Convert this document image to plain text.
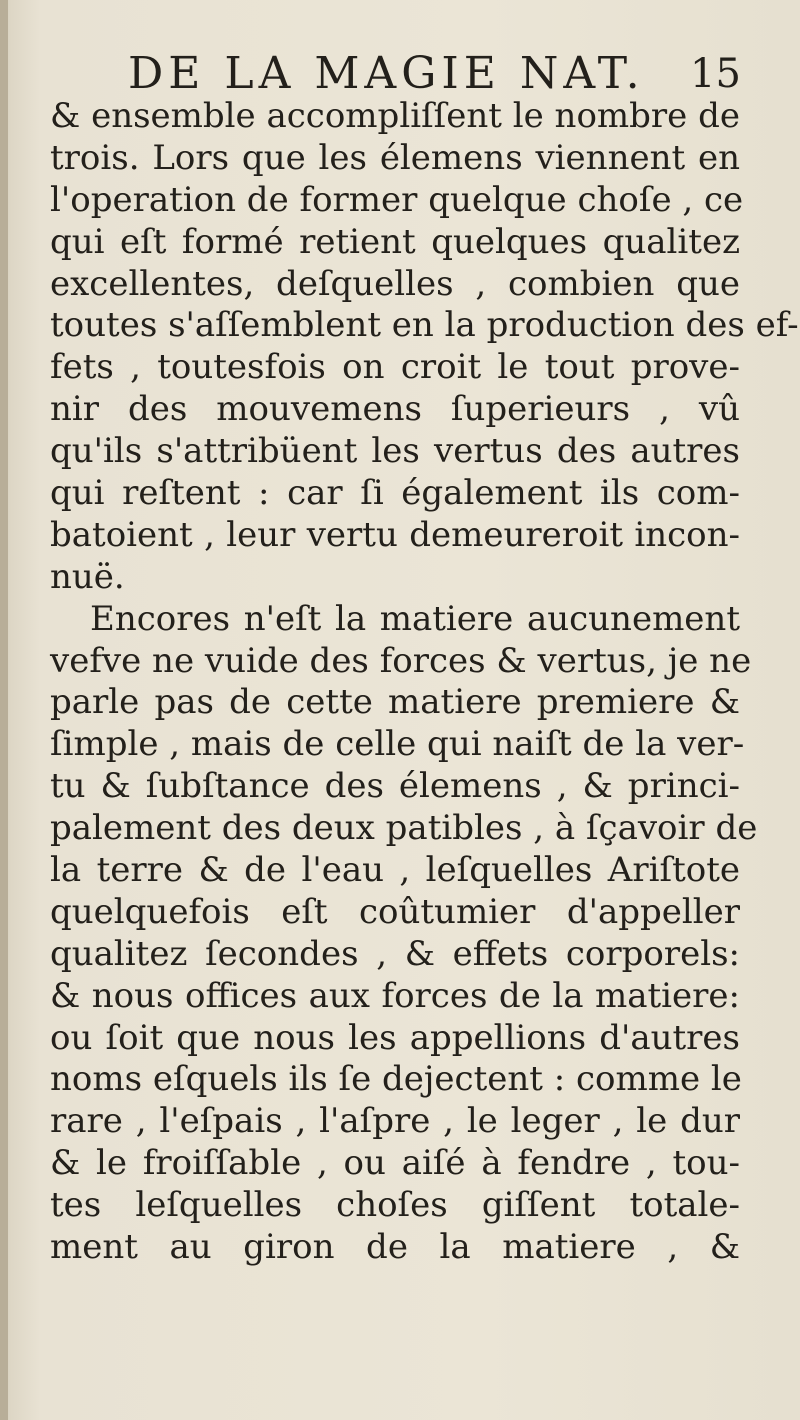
DE LA MAGIE NAT. 15
& ensemble accompliſſent le nombre de
trois. Lors que les élemens viennent en
l'operation de former quelque choſe , ce
qui eſt formé retient quelques qualitez
excellentes, deſquelles , combien que
toutes s'aſſemblent en la production des ef-
fets , toutesfois on croit le tout prove-
nir des mouvemens ſuperieurs , vû
qu'ils s'attribüent les vertus des autres
qui reſtent : car ſi également ils com-
batoient , leur vertu demeureroit incon-
nuë.
Encores n'eſt la matiere aucunement
vefve ne vuide des forces & vertus, je ne
parle pas de cette matiere premiere &
ſimple , mais de celle qui naiſt de la ver-
tu & ſubſtance des élemens , & princi-
palement des deux patibles , à ſçavoir de
la terre & de l'eau , leſquelles Ariſtote
quelquefois eſt coûtumier d'appeller
qualitez ſecondes , & effets corporels:
& nous offices aux forces de la matiere:
ou ſoit que nous les appellions d'autres
noms eſquels ils ſe dejectent : comme le
rare , l'eſpais , l'aſpre , le leger , le dur
& le froiſſable , ou aiſé à fendre , tou-
tes leſquelles choſes giſſent totale-
ment au giron de la matiere , &
